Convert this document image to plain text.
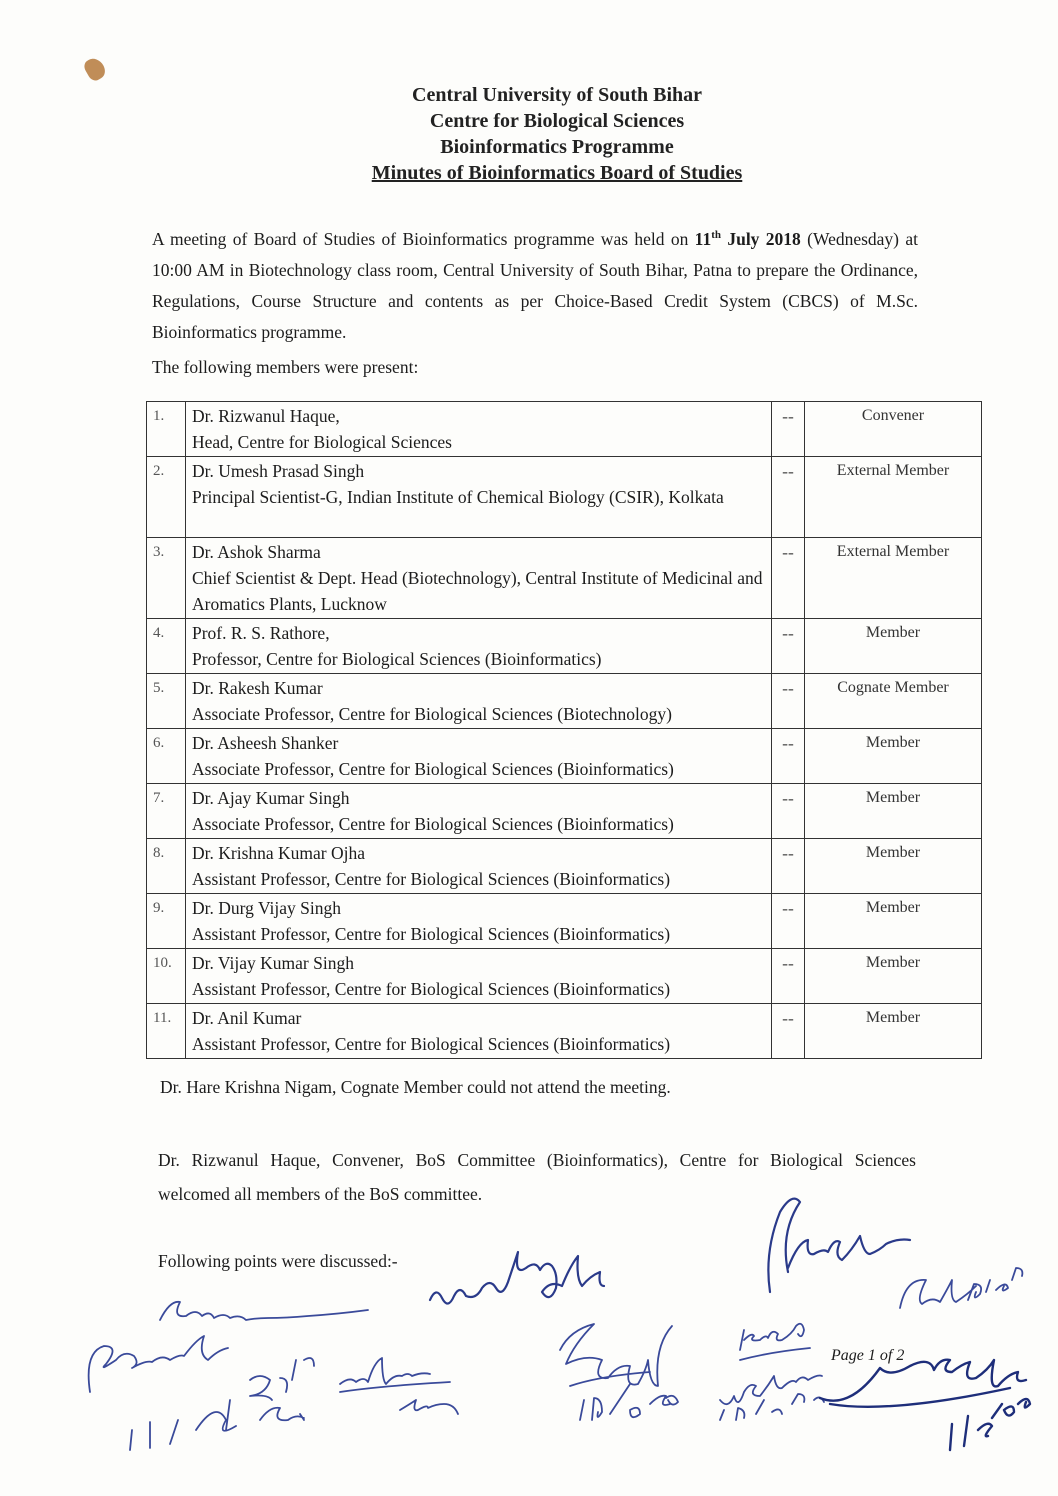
Central University of South Bihar
Centre for Biological Sciences
Bioinformatics Programme
Minutes of Bioinformatics Board of Studies
A meeting of Board of Studies of Bioinformatics programme was held on 11th July 2018 (Wednesday) at 10:00 AM in Biotechnology class room, Central University of South Bihar, Patna to prepare the Ordinance, Regulations, Course Structure and contents as per Choice-Based Credit System (CBCS) of M.Sc. Bioinformatics programme.
The following members were present:
1.	Dr. Rizwanul Haque,
Head, Centre for Biological Sciences	--	Convener
2.	Dr. Umesh Prasad Singh
Principal Scientist-G, Indian Institute of Chemical Biology (CSIR), Kolkata	--	External Member
3.	Dr. Ashok Sharma
Chief Scientist & Dept. Head (Biotechnology), Central Institute of Medicinal and Aromatics Plants, Lucknow	--	External Member
4.	Prof. R. S. Rathore,
Professor, Centre for Biological Sciences (Bioinformatics)	--	Member
5.	Dr. Rakesh Kumar
Associate Professor, Centre for Biological Sciences (Biotechnology)	--	Cognate Member
6.	Dr. Asheesh Shanker
Associate Professor, Centre for Biological Sciences (Bioinformatics)	--	Member
7.	Dr. Ajay Kumar Singh
Associate Professor, Centre for Biological Sciences (Bioinformatics)	--	Member
8.	Dr. Krishna Kumar Ojha
Assistant Professor, Centre for Biological Sciences (Bioinformatics)	--	Member
9.	Dr. Durg Vijay Singh
Assistant Professor, Centre for Biological Sciences (Bioinformatics)	--	Member
10.	Dr. Vijay Kumar Singh
Assistant Professor, Centre for Biological Sciences (Bioinformatics)	--	Member
11.	Dr. Anil Kumar
Assistant Professor, Centre for Biological Sciences (Bioinformatics)	--	Member
Dr. Hare Krishna Nigam, Cognate Member could not attend the meeting.
Dr. Rizwanul Haque, Convener, BoS Committee (Bioinformatics), Centre for Biological Sciences welcomed all members of the BoS committee.
Following points were discussed:-
Page 1 of 2
